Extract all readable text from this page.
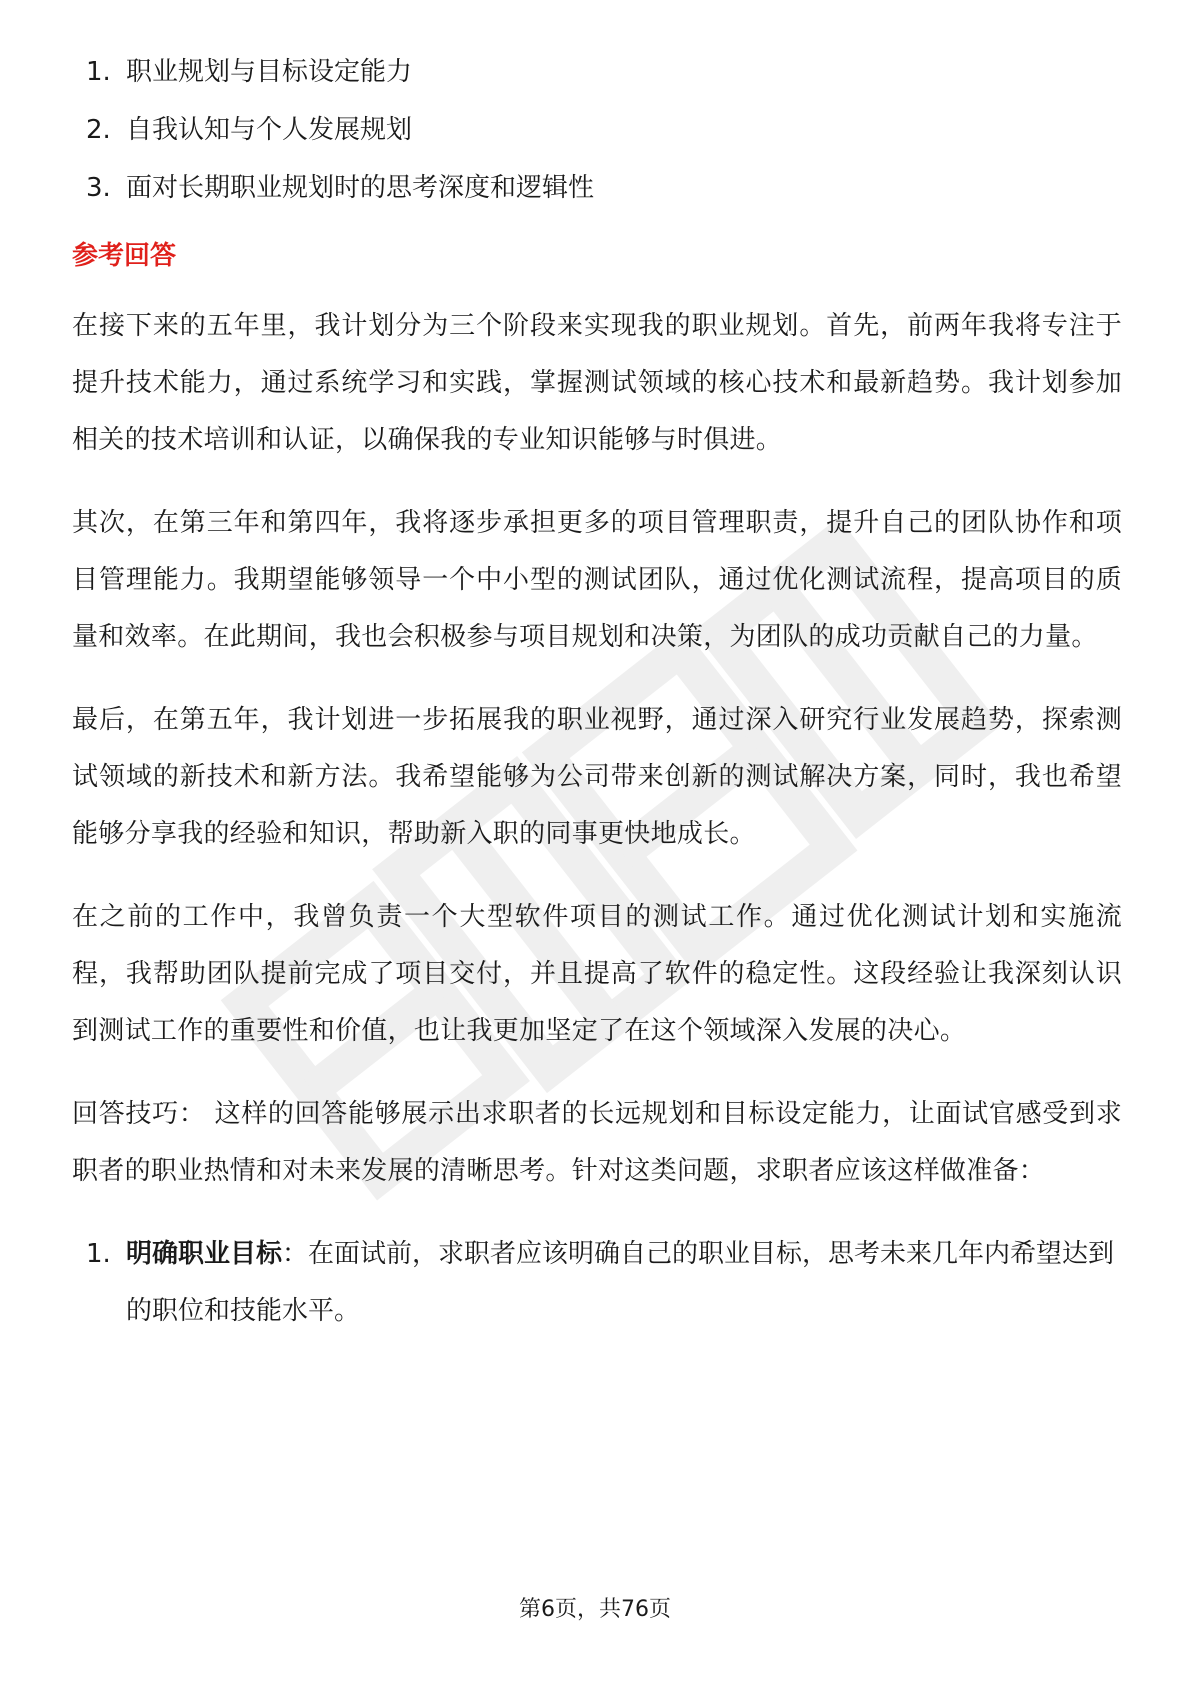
1. 职业规划与目标设定能力
2. 自我认知与个人发展规划
3. 面对长期职业规划时的思考深度和逻辑性
参考回答

在接下来的五年里，我计划分为三个阶段来实现我的职业规划。首先，前两年我将专注于提升技术能力，通过系统学习和实践，掌握测试领域的核心技术和最新趋势。我计划参加相关的技术培训和认证，以确保我的专业知识能够与时俱进。

其次，在第三年和第四年，我将逐步承担更多的项目管理职责，提升自己的团队协作和项目管理能力。我期望能够领导一个中小型的测试团队，通过优化测试流程，提高项目的质量和效率。在此期间，我也会积极参与项目规划和决策，为团队的成功贡献自己的力量。

最后，在第五年，我计划进一步拓展我的职业视野，通过深入研究行业发展趋势，探索测试领域的新技术和新方法。我希望能够为公司带来创新的测试解决方案，同时，我也希望能够分享我的经验和知识，帮助新入职的同事更快地成长。

在之前的工作中，我曾负责一个大型软件项目的测试工作。通过优化测试计划和实施流程，我帮助团队提前完成了项目交付，并且提高了软件的稳定性。这段经验让我深刻认识到测试工作的重要性和价值，也让我更加坚定了在这个领域深入发展的决心。

回答技巧： 这样的回答能够展示出求职者的长远规划和目标设定能力，让面试官感受到求职者的职业热情和对未来发展的清晰思考。针对这类问题，求职者应该这样做准备：

1. 明确职业目标：在面试前，求职者应该明确自己的职业目标，思考未来几年内希望达到的职位和技能水平。
第6页，共76页
